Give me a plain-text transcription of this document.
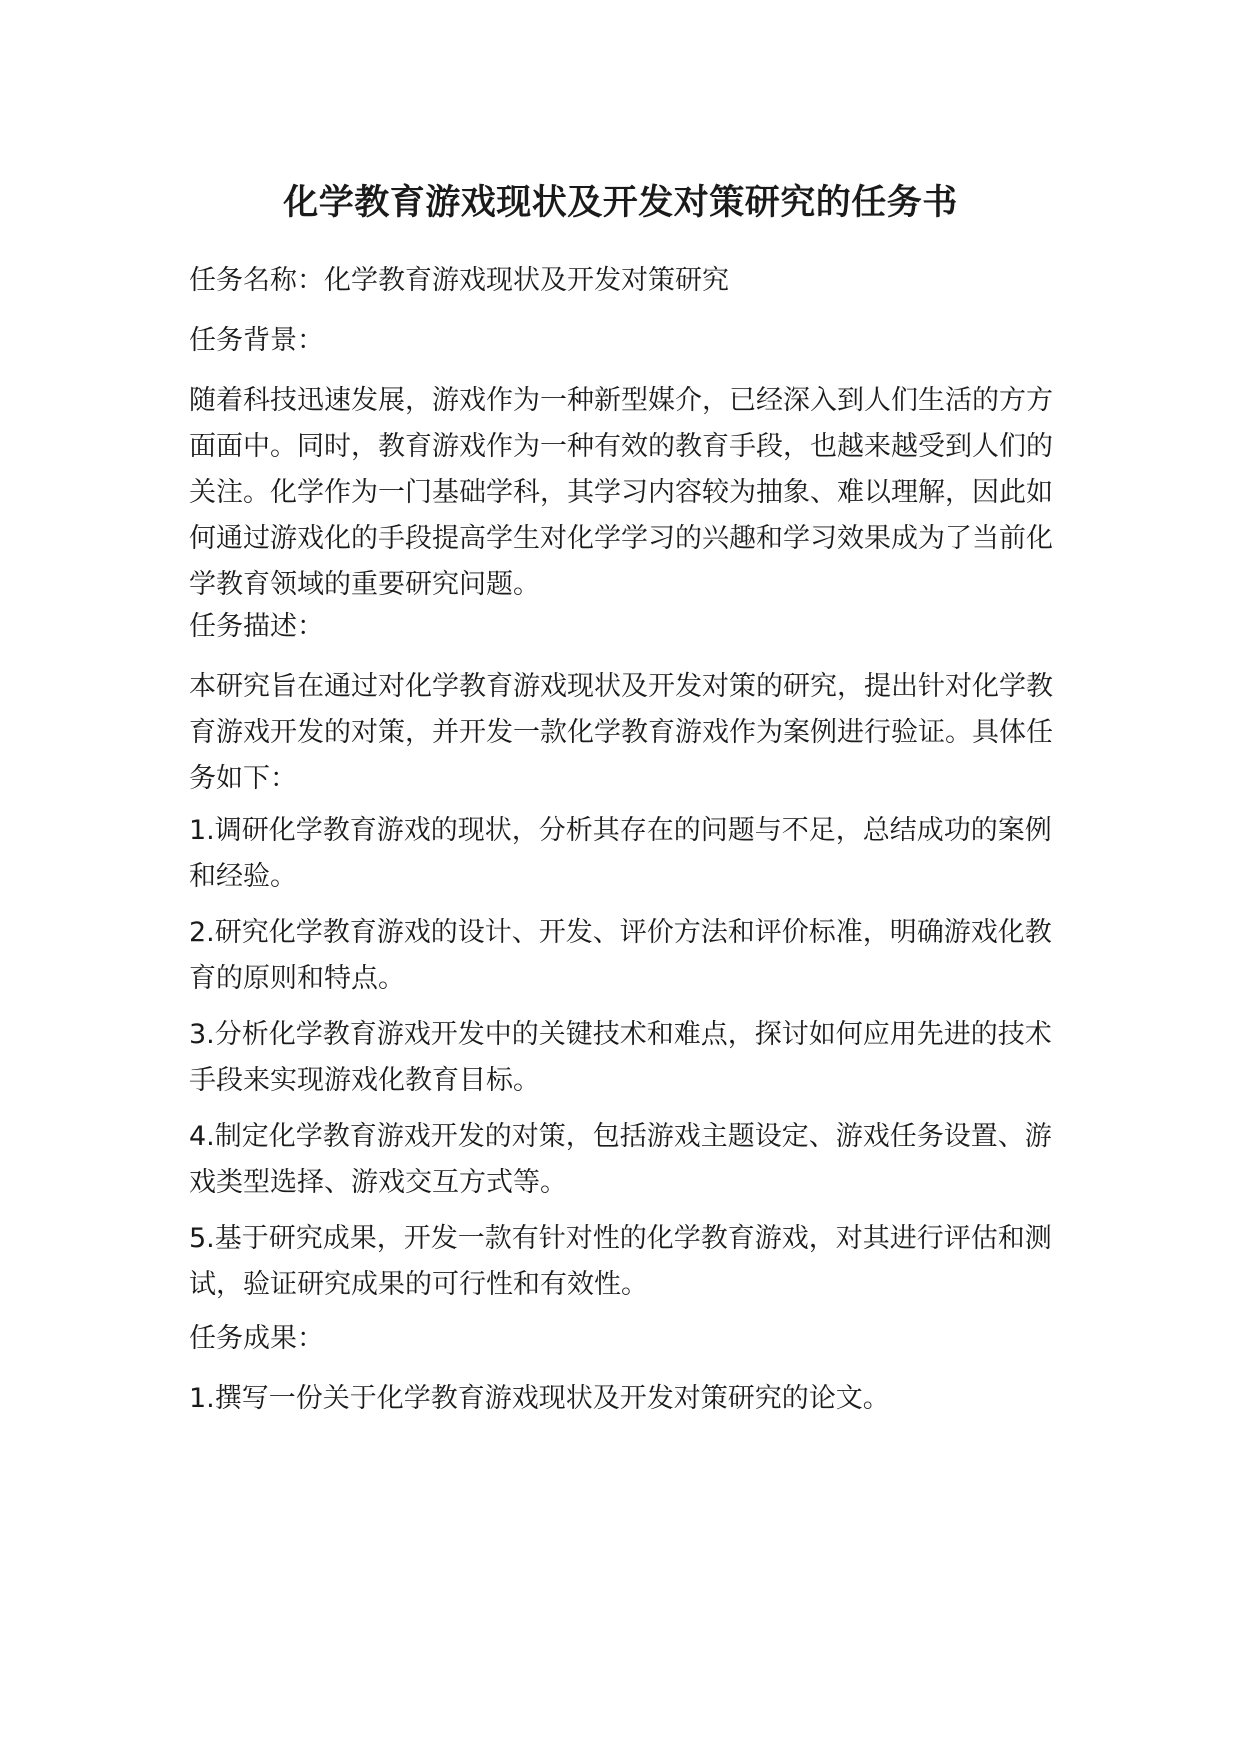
化学教育游戏现状及开发对策研究的任务书

任务名称：化学教育游戏现状及开发对策研究

任务背景：

随着科技迅速发展，游戏作为一种新型媒介，已经深入到人们生活的方方面面中。同时，教育游戏作为一种有效的教育手段，也越来越受到人们的关注。化学作为一门基础学科，其学习内容较为抽象、难以理解，因此如何通过游戏化的手段提高学生对化学学习的兴趣和学习效果成为了当前化学教育领域的重要研究问题。

任务描述：

本研究旨在通过对化学教育游戏现状及开发对策的研究，提出针对化学教育游戏开发的对策，并开发一款化学教育游戏作为案例进行验证。具体任务如下：

1.调研化学教育游戏的现状，分析其存在的问题与不足，总结成功的案例和经验。

2.研究化学教育游戏的设计、开发、评价方法和评价标准，明确游戏化教育的原则和特点。

3.分析化学教育游戏开发中的关键技术和难点，探讨如何应用先进的技术手段来实现游戏化教育目标。

4.制定化学教育游戏开发的对策，包括游戏主题设定、游戏任务设置、游戏类型选择、游戏交互方式等。

5.基于研究成果，开发一款有针对性的化学教育游戏，对其进行评估和测试，验证研究成果的可行性和有效性。

任务成果：

1.撰写一份关于化学教育游戏现状及开发对策研究的论文。
